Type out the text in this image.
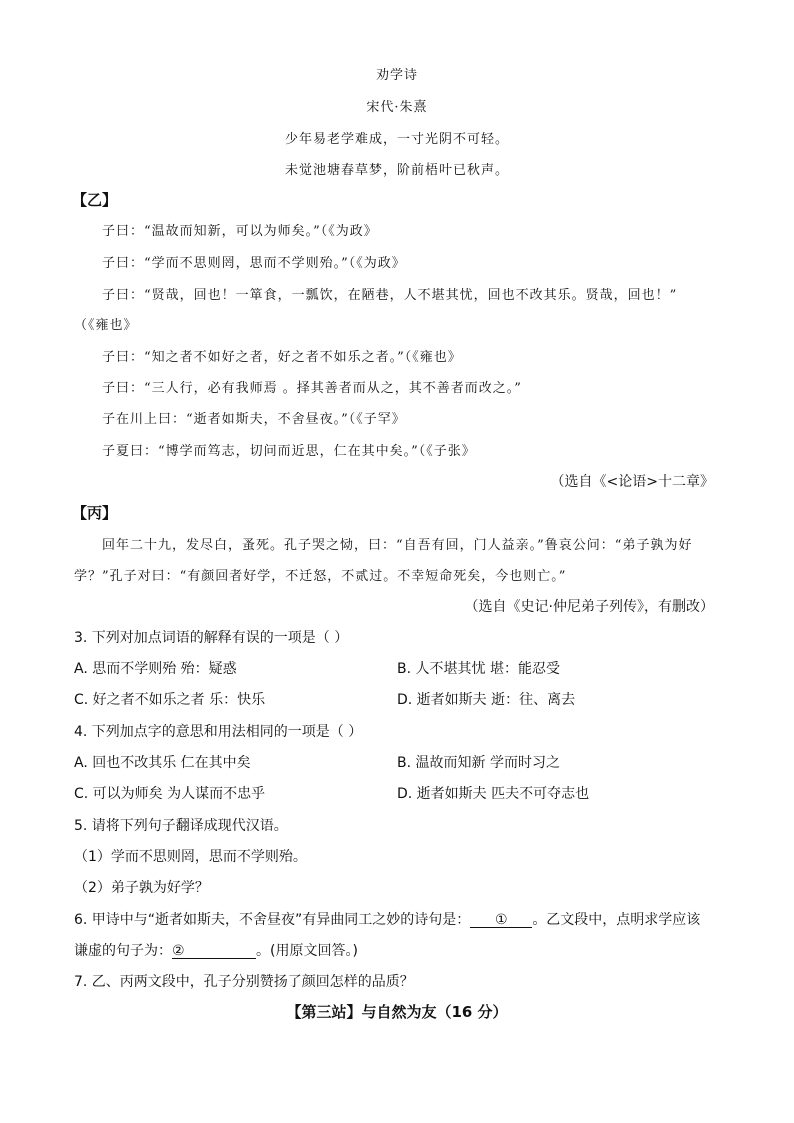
劝学诗
宋代·朱熹
少年易老学难成，一寸光阴不可轻。
未觉池塘春草梦，阶前梧叶已秋声。
【乙】
子曰：“温故而知新，可以为师矣。”（《为政》
子曰：“学而不思则罔，思而不学则殆。”（《为政》
子曰：“贤哉，回也！一箪食，一瓢饮，在陋巷，人不堪其忧，回也不改其乐。贤哉，回也！”
（《雍也》
子曰：“知之者不如好之者，好之者不如乐之者。”（《雍也》
子曰：“三人行，必有我师焉 。择其善者而从之，其不善者而改之。”
子在川上曰：“逝者如斯夫，不舍昼夜。”（《子罕》
子夏曰：“博学而笃志，切问而近思，仁在其中矣。”（《子张》
（选自《<论语>十二章》
【丙】
回年二十九，发尽白，蚤死。孔子哭之恸，曰：“自吾有回，门人益亲。”鲁哀公问：“弟子孰为好
学？”孔子对曰：“有颜回者好学，不迁怒，不贰过。不幸短命死矣，今也则亡。”
（选自《史记·仲尼弟子列传》，有删改）
3. 下列对加点词语的解释有误的一项是（ ）
A. 思而不学则殆 殆：疑惑	B. 人不堪其忧 堪：能忍受
C. 好之者不如乐之者 乐：快乐	D. 逝者如斯夫 逝：往、离去
4. 下列加点字的意思和用法相同的一项是（ ）
A. 回也不改其乐 仁在其中矣	B. 温故而知新 学而时习之
C. 可以为师矣 为人谋而不忠乎	D. 逝者如斯夫 匹夫不可夺志也
5. 请将下列句子翻译成现代汉语。
（1）学而不思则罔，思而不学则殆。
（2）弟子孰为好学？
6. 甲诗中与“逝者如斯夫，不舍昼夜”有异曲同工之妙的诗句是： ① 。乙文段中，点明求学应该
谦虚的句子为：②	。(用原文回答。)
7. 乙、丙两文段中，孔子分别赞扬了颜回怎样的品质？
【第三站】与自然为友（16 分）
